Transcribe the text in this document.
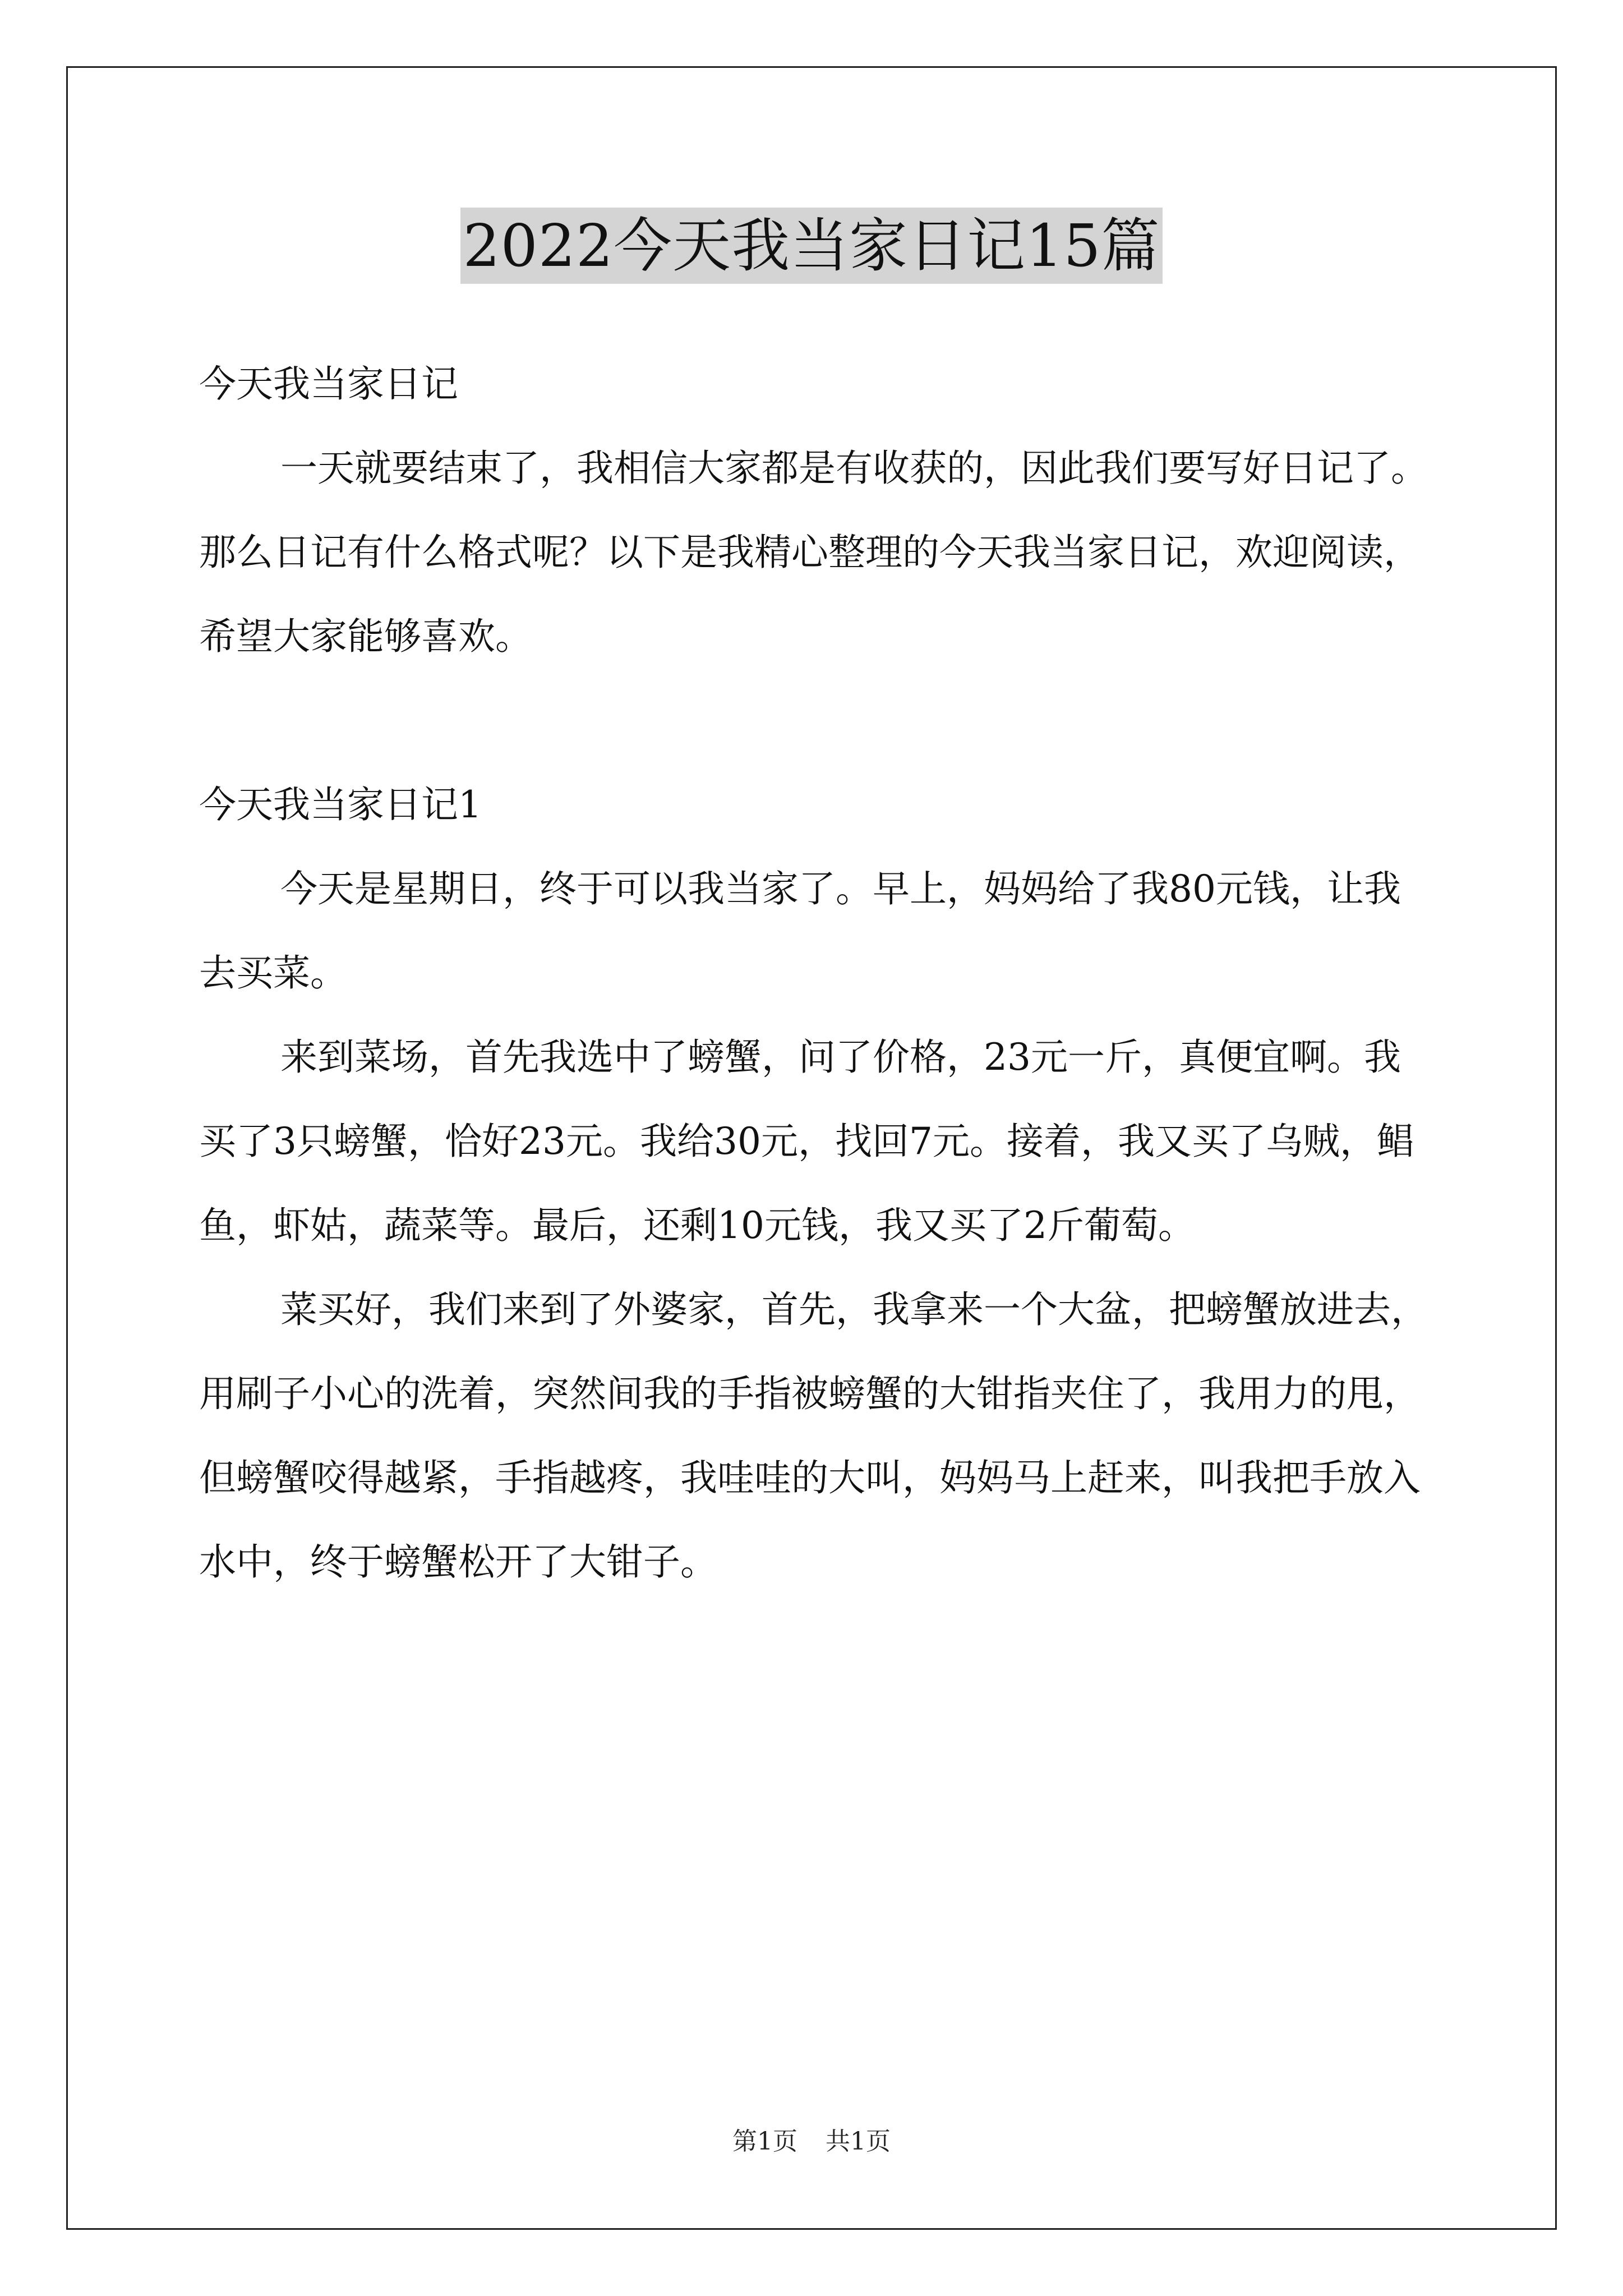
2022今天我当家日记15篇

今天我当家日记

一天就要结束了，我相信大家都是有收获的，因此我们要写好日记了。那么日记有什么格式呢？以下是我精心整理的今天我当家日记，欢迎阅读，希望大家能够喜欢。

今天我当家日记1

今天是星期日，终于可以我当家了。早上，妈妈给了我80元钱，让我去买菜。

来到菜场，首先我选中了螃蟹，问了价格，23元一斤，真便宜啊。我买了3只螃蟹，恰好23元。我给30元，找回7元。接着，我又买了乌贼，鲳鱼，虾姑，蔬菜等。最后，还剩10元钱，我又买了2斤葡萄。

菜买好，我们来到了外婆家，首先，我拿来一个大盆，把螃蟹放进去，用刷子小心的洗着，突然间我的手指被螃蟹的大钳指夹住了，我用力的甩，但螃蟹咬得越紧，手指越疼，我哇哇的大叫，妈妈马上赶来，叫我把手放入水中，终于螃蟹松开了大钳子。

第1页 共1页
